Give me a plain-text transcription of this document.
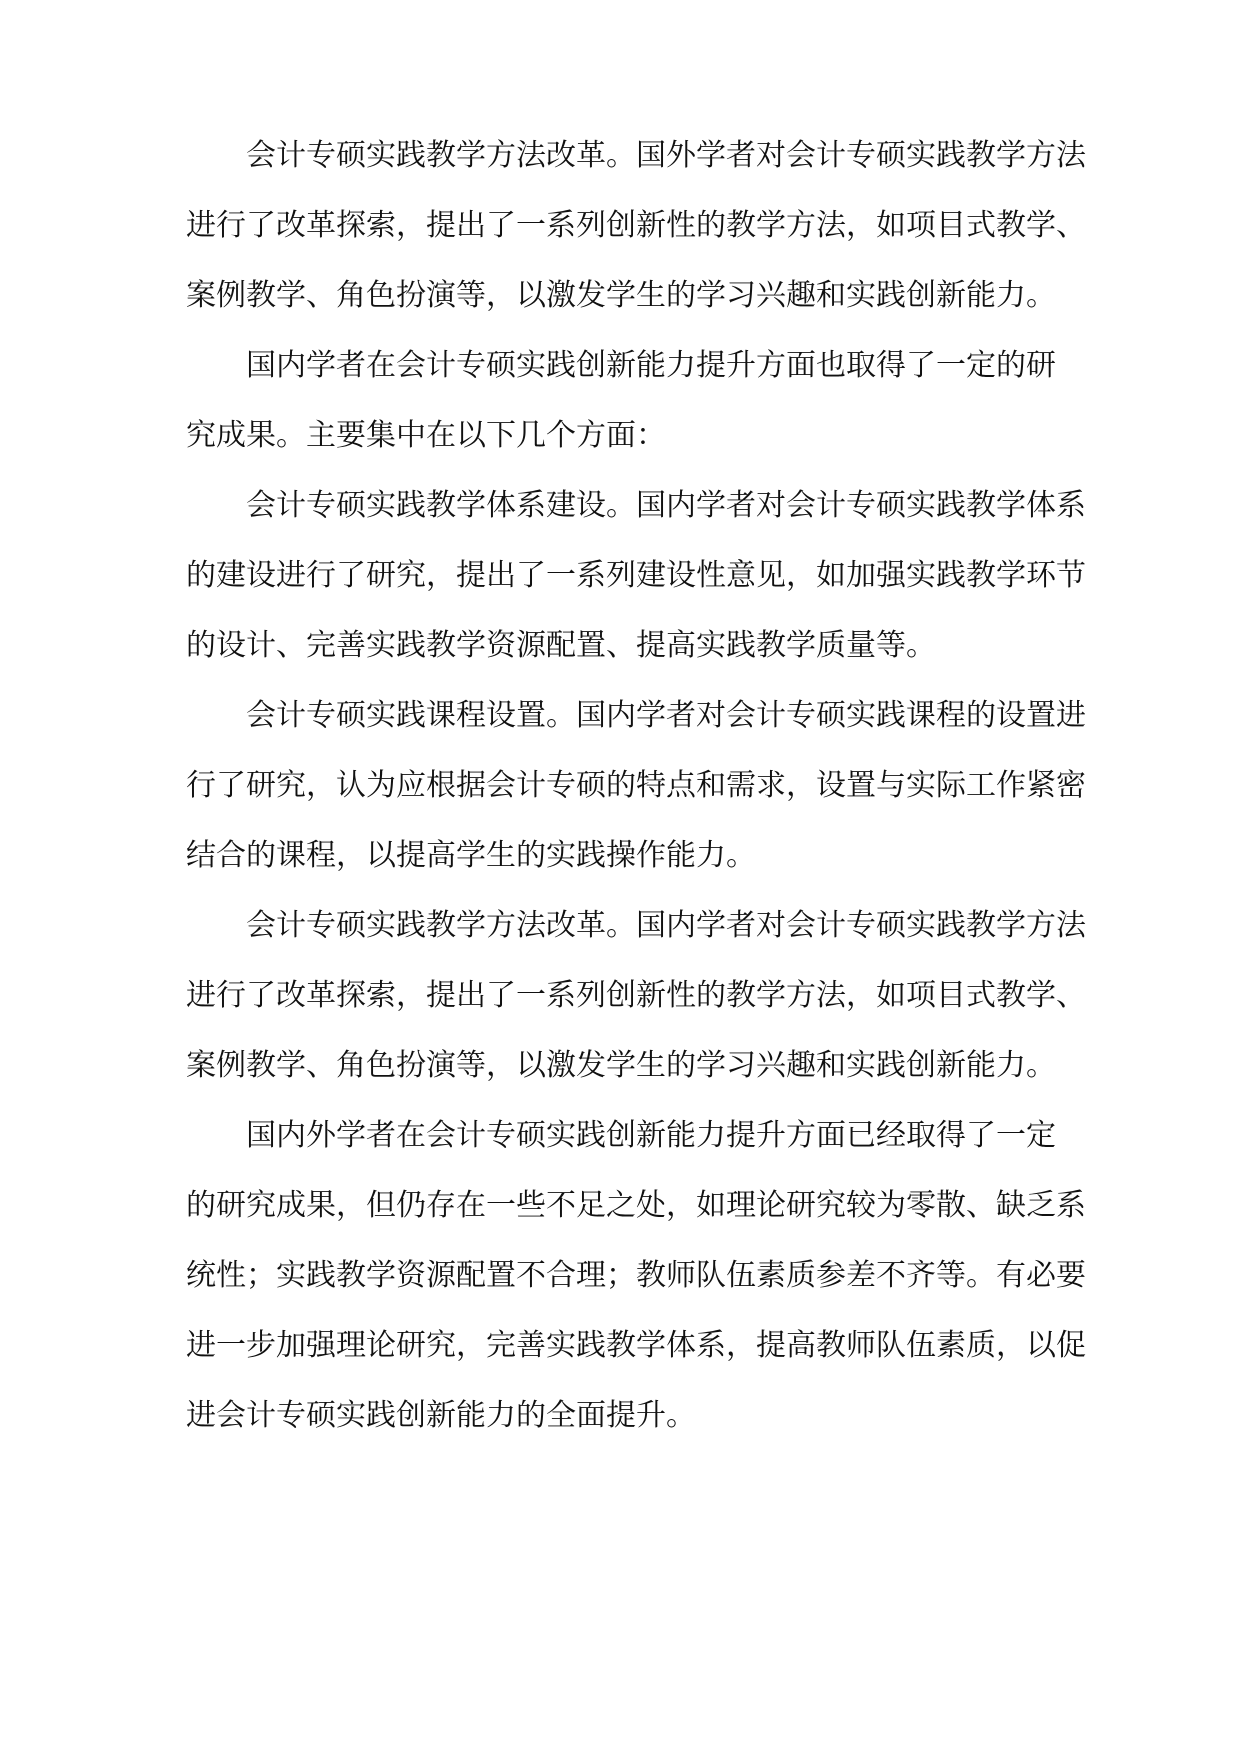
会计专硕实践教学方法改革。国外学者对会计专硕实践教学方法
进行了改革探索，提出了一系列创新性的教学方法，如项目式教学、
案例教学、角色扮演等，以激发学生的学习兴趣和实践创新能力。
国内学者在会计专硕实践创新能力提升方面也取得了一定的研
究成果。主要集中在以下几个方面：
会计专硕实践教学体系建设。国内学者对会计专硕实践教学体系
的建设进行了研究，提出了一系列建设性意见，如加强实践教学环节
的设计、完善实践教学资源配置、提高实践教学质量等。
会计专硕实践课程设置。国内学者对会计专硕实践课程的设置进
行了研究，认为应根据会计专硕的特点和需求，设置与实际工作紧密
结合的课程，以提高学生的实践操作能力。
会计专硕实践教学方法改革。国内学者对会计专硕实践教学方法
进行了改革探索，提出了一系列创新性的教学方法，如项目式教学、
案例教学、角色扮演等，以激发学生的学习兴趣和实践创新能力。
国内外学者在会计专硕实践创新能力提升方面已经取得了一定
的研究成果，但仍存在一些不足之处，如理论研究较为零散、缺乏系
统性；实践教学资源配置不合理；教师队伍素质参差不齐等。有必要
进一步加强理论研究，完善实践教学体系，提高教师队伍素质，以促
进会计专硕实践创新能力的全面提升。
